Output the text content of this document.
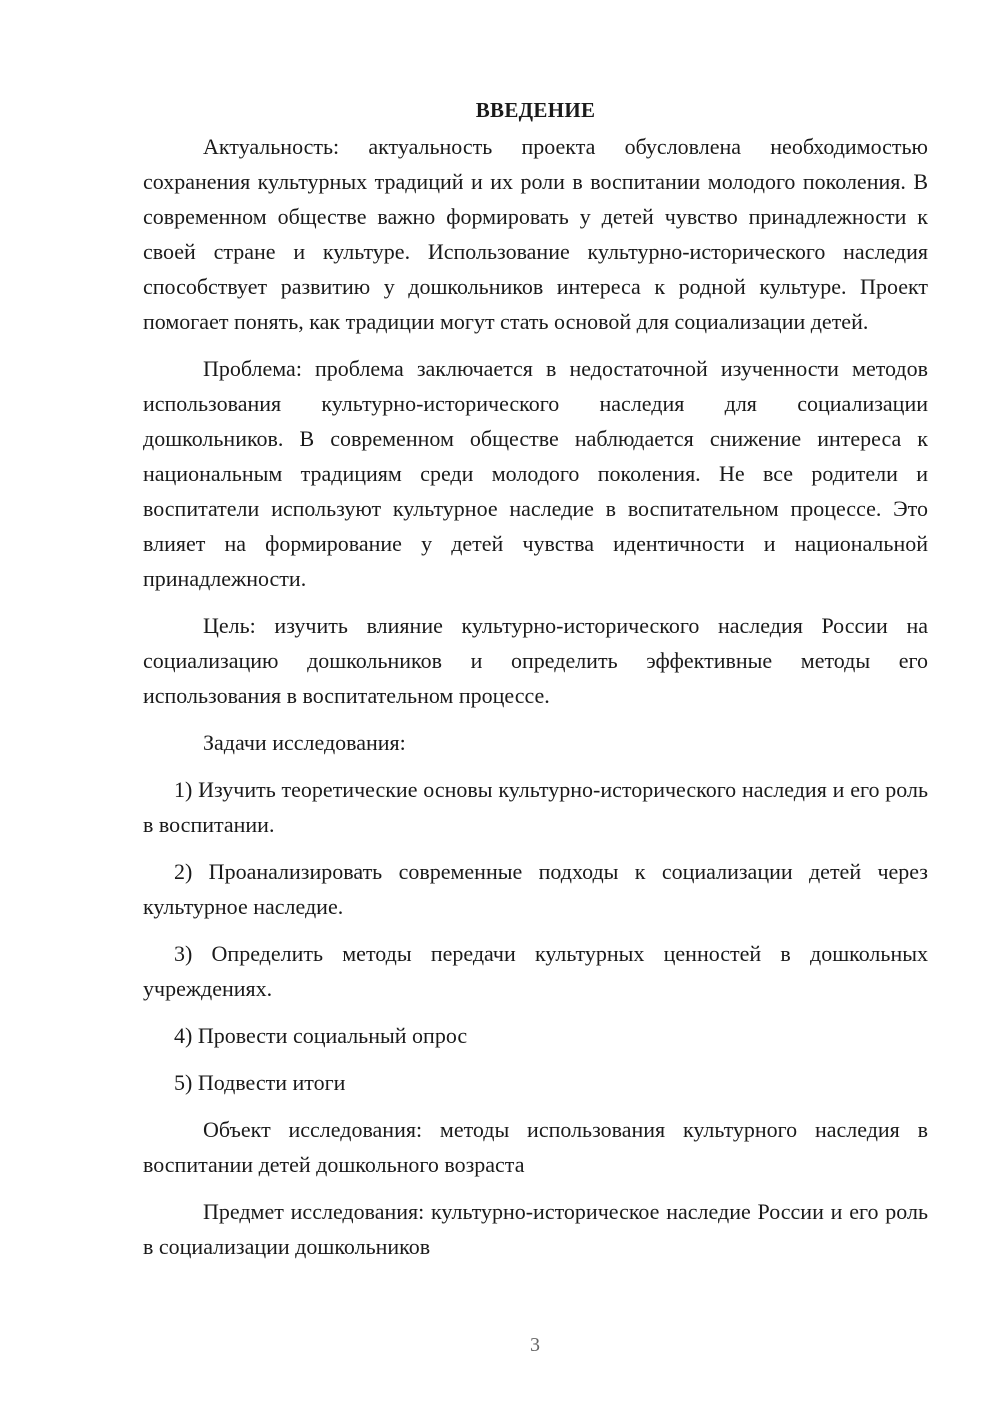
ВВЕДЕНИЕ

Актуальность: актуальность проекта обусловлена необходимостью сохранения культурных традиций и их роли в воспитании молодого поколения. В современном обществе важно формировать у детей чувство принадлежности к своей стране и культуре. Использование культурно-исторического наследия способствует развитию у дошкольников интереса к родной культуре. Проект помогает понять, как традиции могут стать основой для социализации детей.

Проблема: проблема заключается в недостаточной изученности методов использования культурно-исторического наследия для социализации дошкольников. В современном обществе наблюдается снижение интереса к национальным традициям среди молодого поколения. Не все родители и воспитатели используют культурное наследие в воспитательном процессе. Это влияет на формирование у детей чувства идентичности и национальной принадлежности.

Цель: изучить влияние культурно-исторического наследия России на социализацию дошкольников и определить эффективные методы его использования в воспитательном процессе.

Задачи исследования:

1) Изучить теоретические основы культурно-исторического наследия и его роль в воспитании.

2) Проанализировать современные подходы к социализации детей через культурное наследие.

3) Определить методы передачи культурных ценностей в дошкольных учреждениях.

4) Провести социальный опрос

5) Подвести итоги

Объект исследования: методы использования культурного наследия в воспитании детей дошкольного возраста

Предмет исследования: культурно-историческое наследие России и его роль в социализации дошкольников

3
